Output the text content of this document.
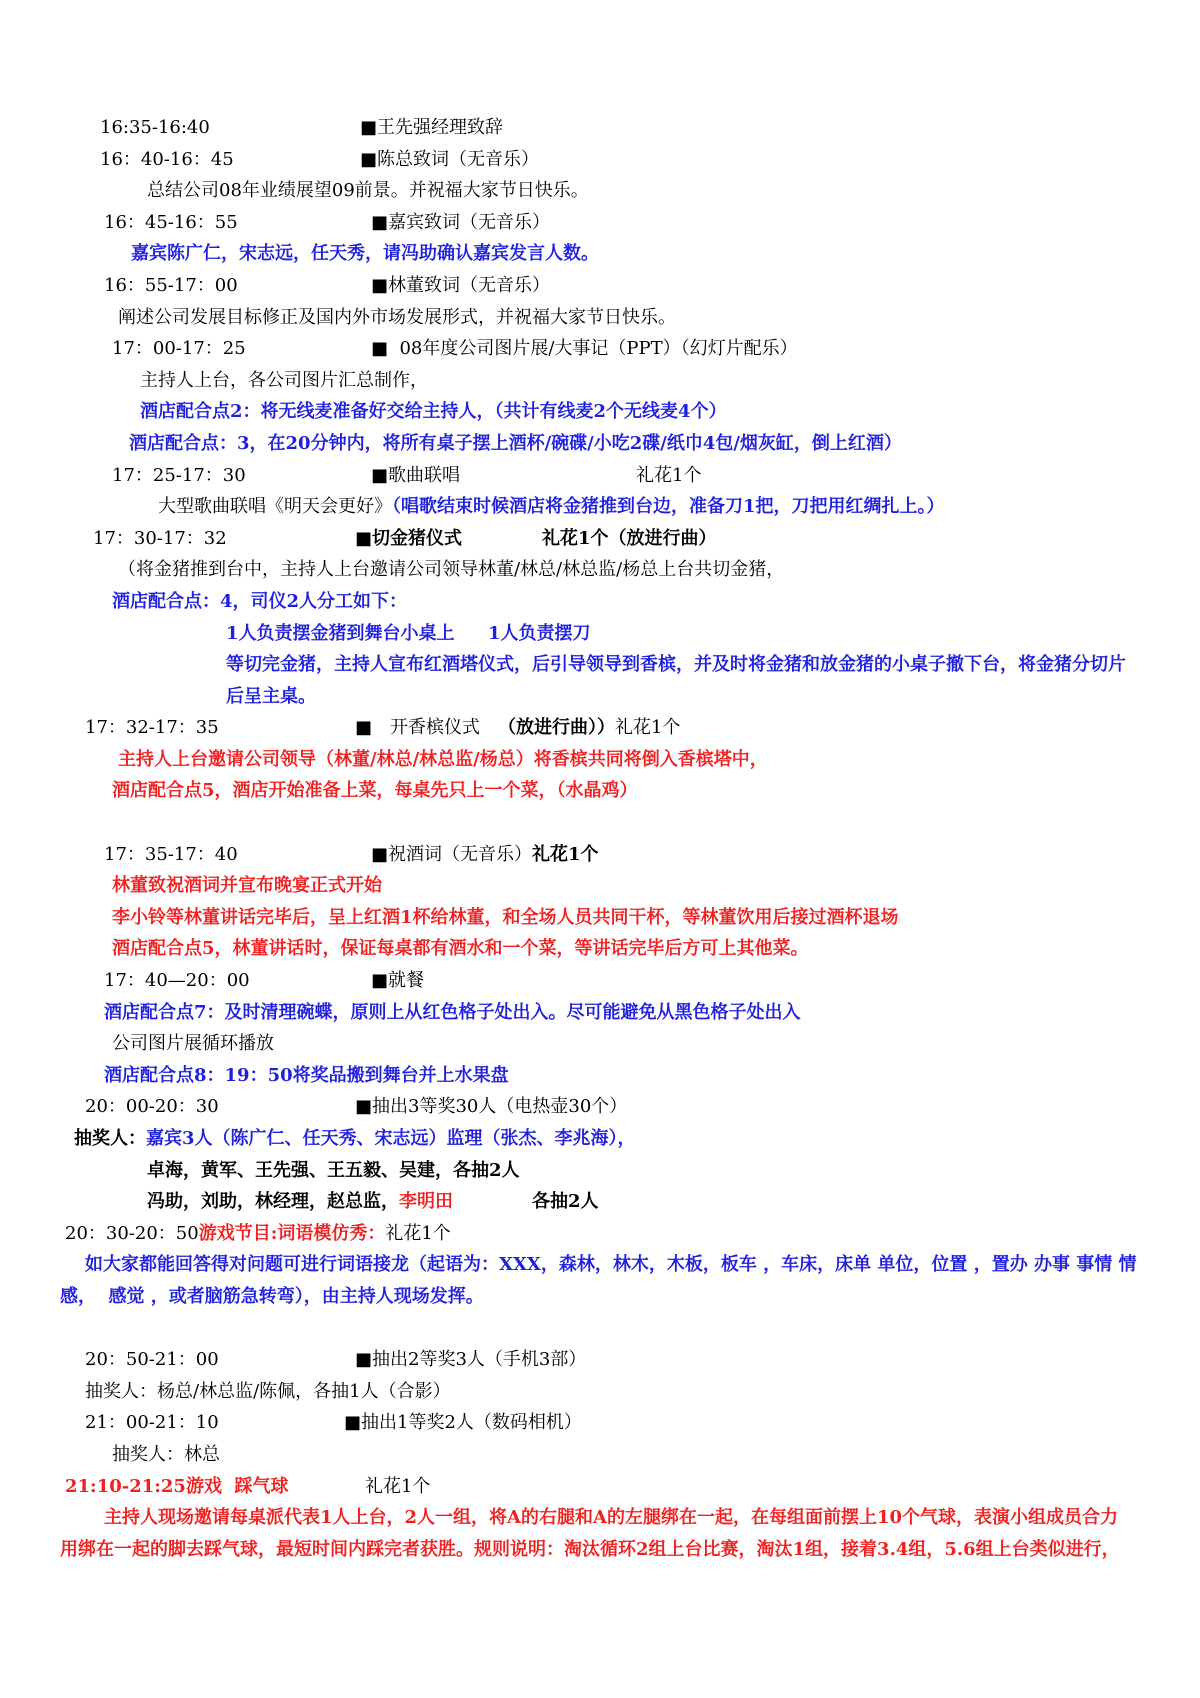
16:35-16:40	■王先强经理致辞
16：40-16：45	■陈总致词（无音乐）
总结公司08年业绩展望09前景。并祝福大家节日快乐。
16：45-16：55	■嘉宾致词（无音乐）
嘉宾陈广仁，宋志远，任天秀，请冯助确认嘉宾发言人数。
16：55-17：00	■林董致词（无音乐）
阐述公司发展目标修正及国内外市场发展形式，并祝福大家节日快乐。
17：00-17：25	■  08年度公司图片展/大事记（PPT）（幻灯片配乐）
主持人上台，各公司图片汇总制作，
酒店配合点2：将无线麦准备好交给主持人，（共计有线麦2个无线麦4个）
酒店配合点：3，在20分钟内，将所有桌子摆上酒杯/碗碟/小吃2碟/纸巾4包/烟灰缸，倒上红酒）
17：25-17：30	■歌曲联唱	礼花1个
大型歌曲联唱《明天会更好》（唱歌结束时候酒店将金猪推到台边，准备刀1把，刀把用红绸扎上。）
17：30-17：32	■切金猪仪式	礼花1个（放进行曲）
（将金猪推到台中，主持人上台邀请公司领导林董/林总/林总监/杨总上台共切金猪，
酒店配合点：4，司仪2人分工如下：
1人负责摆金猪到舞台小桌上 1人负责摆刀
等切完金猪，主持人宣布红酒塔仪式，后引导领导到香槟，并及时将金猪和放金猪的小桌子撤下台，将金猪分切片
后呈主桌。
17：32-17：35	■ 开香槟仪式 （放进行曲））礼花1个
主持人上台邀请公司领导（林董/林总/林总监/杨总）将香槟共同将倒入香槟塔中，
酒店配合点5，酒店开始准备上菜，每桌先只上一个菜，（水晶鸡）
17：35-17：40	■祝酒词（无音乐）礼花1个
林董致祝酒词并宣布晚宴正式开始
李小铃等林董讲话完毕后，呈上红酒1杯给林董，和全场人员共同干杯，等林董饮用后接过酒杯退场
酒店配合点5，林董讲话时，保证每桌都有酒水和一个菜，等讲话完毕后方可上其他菜。
17：40—20：00	■就餐
酒店配合点7：及时清理碗蝶，原则上从红色格子处出入。尽可能避免从黑色格子处出入
公司图片展循环播放
酒店配合点8：19：50将奖品搬到舞台并上水果盘
20：00-20：30	■抽出3等奖30人（电热壶30个）
抽奖人：嘉宾3人（陈广仁、任天秀、宋志远）监理（张杰、李兆海），
卓海，黄军、王先强、王五毅、吴建，各抽2人
冯助，刘助，林经理，赵总监，李明田	各抽2人
20：30-20：50游戏节目:词语模仿秀：礼花1个
如大家都能回答得对问题可进行词语接龙（起语为：XXX，森林，林木，木板，板车 ，车床，床单 单位，位置 ，置办 办事 事情 情
感，  感觉 ，或者脑筋急转弯），由主持人现场发挥。
20：50-21：00	■抽出2等奖3人（手机3部）
抽奖人：杨总/林总监/陈佩，各抽1人（合影）
21：00-21：10	■抽出1等奖2人（数码相机）
抽奖人：林总
21:10-21:25游戏  踩气球	礼花1个
主持人现场邀请每桌派代表1人上台，2人一组，将A的右腿和A的左腿绑在一起，在每组面前摆上10个气球，表演小组成员合力
用绑在一起的脚去踩气球，最短时间内踩完者获胜。规则说明：淘汰循环2组上台比赛，淘汰1组，接着3.4组，5.6组上台类似进行，
